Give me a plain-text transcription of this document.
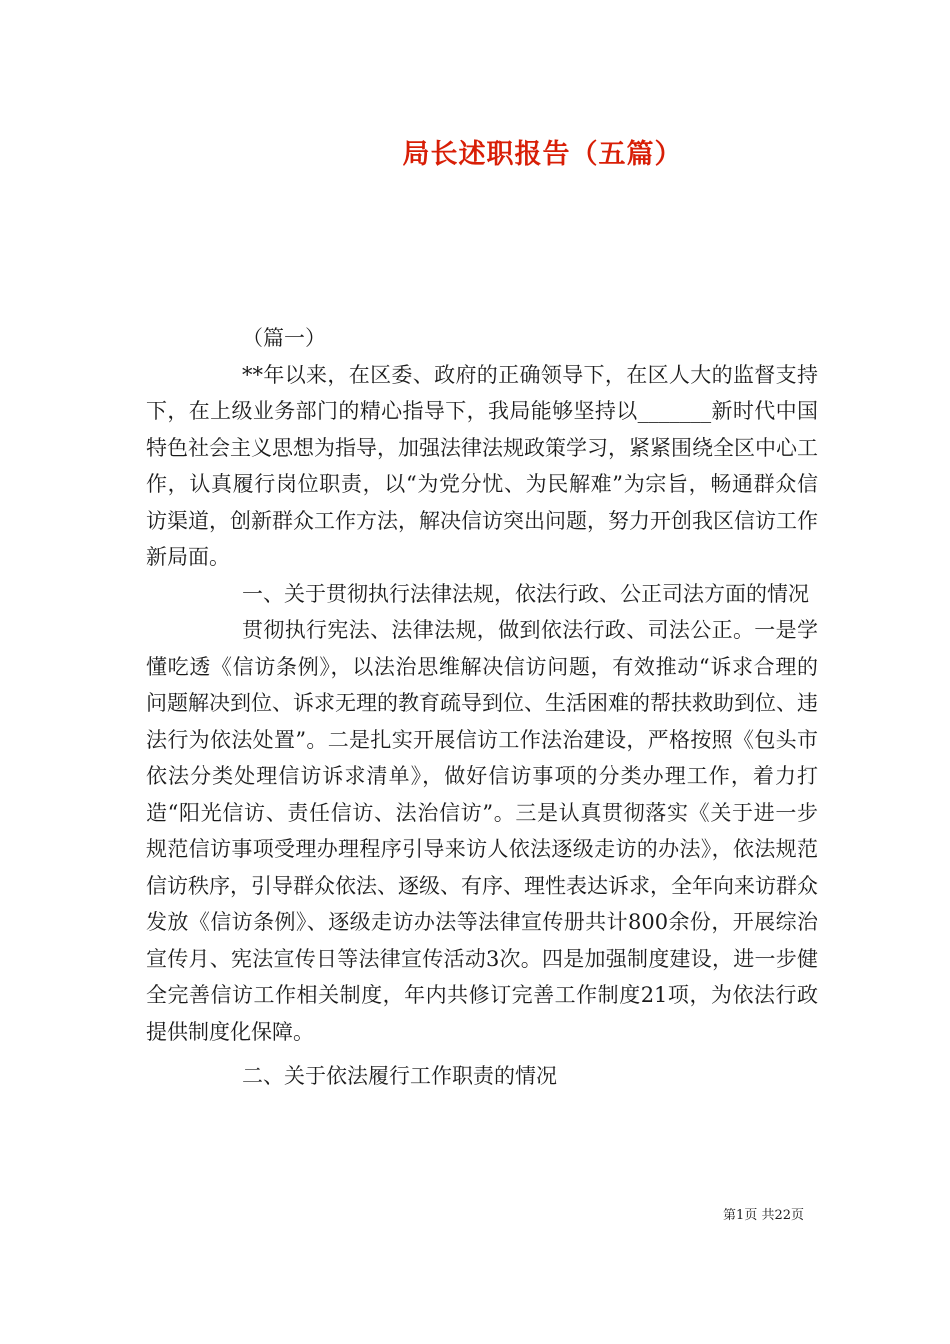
局长述职报告（五篇）

（篇一）

**年以来，在区委、政府的正确领导下，在区人大的监督支持下，在上级业务部门的精心指导下，我局能够坚持以_______新时代中国特色社会主义思想为指导，加强法律法规政策学习，紧紧围绕全区中心工作，认真履行岗位职责，以“为党分忧、为民解难”为宗旨，畅通群众信访渠道，创新群众工作方法，解决信访突出问题，努力开创我区信访工作新局面。

一、关于贯彻执行法律法规，依法行政、公正司法方面的情况

贯彻执行宪法、法律法规，做到依法行政、司法公正。一是学懂吃透《信访条例》，以法治思维解决信访问题，有效推动“诉求合理的问题解决到位、诉求无理的教育疏导到位、生活困难的帮扶救助到位、违法行为依法处置”。二是扎实开展信访工作法治建设，严格按照《包头市依法分类处理信访诉求清单》，做好信访事项的分类办理工作，着力打造“阳光信访、责任信访、法治信访”。三是认真贯彻落实《关于进一步规范信访事项受理办理程序引导来访人依法逐级走访的办法》，依法规范信访秩序，引导群众依法、逐级、有序、理性表达诉求，全年向来访群众发放《信访条例》、逐级走访办法等法律宣传册共计800余份，开展综治宣传月、宪法宣传日等法律宣传活动3次。四是加强制度建设，进一步健全完善信访工作相关制度，年内共修订完善工作制度21项，为依法行政提供制度化保障。

二、关于依法履行工作职责的情况

第1页 共22页
